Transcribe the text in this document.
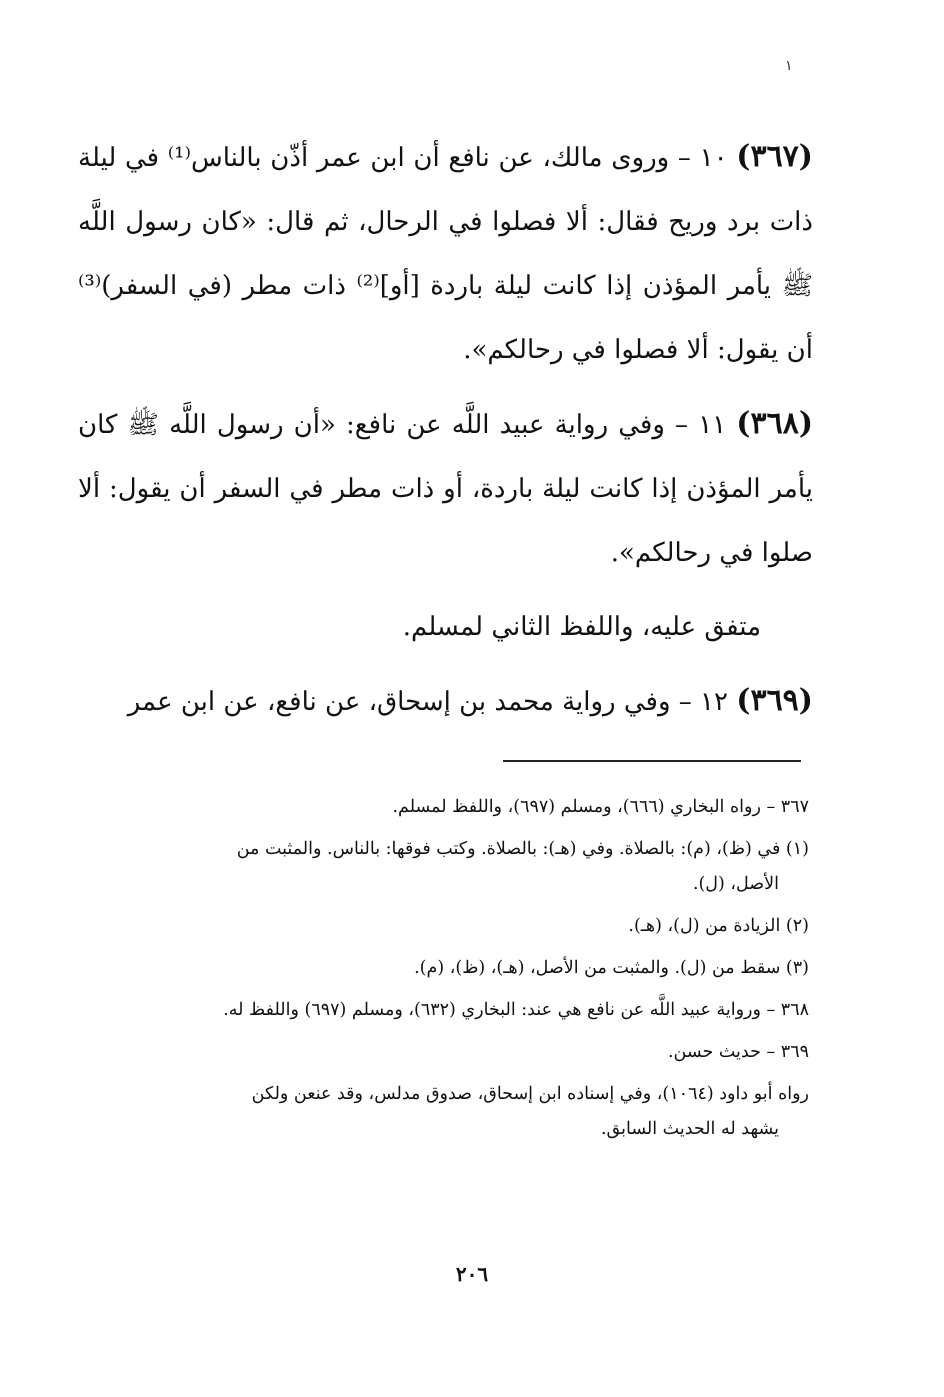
١

(٣٦٧) ١٠ – وروى مالك، عن نافع أن ابن عمر أذّن بالناس⁽¹⁾ في ليلة ذات برد وريح فقال: ألا فصلوا في الرحال، ثم قال: «كان رسول اللَّه ﷺ يأمر المؤذن إذا كانت ليلة باردة [أو]⁽²⁾ ذات مطر (في السفر)⁽³⁾ أن يقول: ألا فصلوا في رحالكم».

(٣٦٨) ١١ – وفي رواية عبيد اللَّه عن نافع: «أن رسول اللَّه ﷺ كان يأمر المؤذن إذا كانت ليلة باردة، أو ذات مطر في السفر أن يقول: ألا صلوا في رحالكم».

متفق عليه، واللفظ الثاني لمسلم.

(٣٦٩) ١٢ – وفي رواية محمد بن إسحاق، عن نافع، عن ابن عمر

٣٦٧ – رواه البخاري (٦٦٦)، ومسلم (٦٩٧)، واللفظ لمسلم.

(١) في (ظ)، (م): بالصلاة. وفي (هـ): بالصلاة. وكتب فوقها: بالناس. والمثبت من
الأصل، (ل).

(٢) الزيادة من (ل)، (هـ).

(٣) سقط من (ل). والمثبت من الأصل، (هـ)، (ظ)، (م).

٣٦٨ – ورواية عبيد اللَّه عن نافع هي عند: البخاري (٦٣٢)، ومسلم (٦٩٧) واللفظ له.

٣٦٩ – حديث حسن.

رواه أبو داود (١٠٦٤)، وفي إسناده ابن إسحاق، صدوق مدلس، وقد عنعن ولكن
يشهد له الحديث السابق.

٢٠٦
